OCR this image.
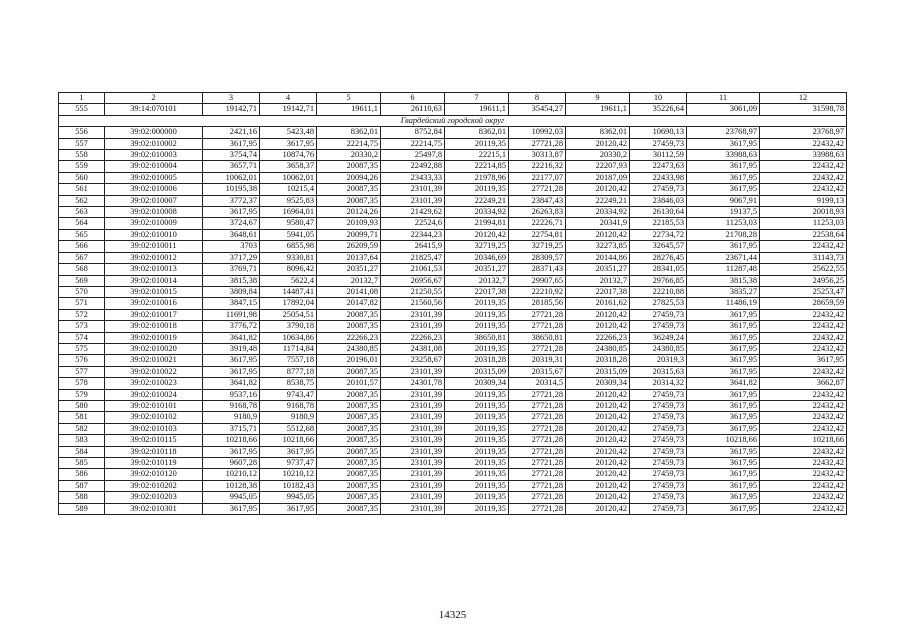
1	2	3	4	5	6	7	8	9	10	11	12
555	39:14:070101	19142,71	19142,71	19611,1	26110,63	19611,1	35454,27	19611,1	35226,64	3061,09	31598,78
Гвардейский городской округ											
556	39:02:000000	2421,16	5423,48	8362,01	8752,84	8362,01	10992,03	8362,01	10690,13	23768,97	23768,97
557	39:02:010002	3617,95	3617,95	22214,75	22214,75	20119,35	27721,28	20120,42	27459,73	3617,95	22432,42
558	39:02:010003	3754,74	10874,76	20330,2	25497,8	22215,1	30313,87	20330,2	30112,59	33988,63	33988,63
559	39:02:010004	3657,71	3658,37	20087,35	22492,88	22214,85	22216,32	22207,93	22473,63	3617,95	22432,42
560	39:02:010005	10062,01	10062,01	20094,26	23433,33	21978,96	22177,07	20187,09	22433,98	3617,95	22432,42
561	39:02:010006	10195,38	10215,4	20087,35	23101,39	20119,35	27721,28	20120,42	27459,73	3617,95	22432,42
562	39:02:010007	3772,37	9525,83	20087,35	23101,39	22249,21	23847,43	22249,21	23846,03	9067,91	9199,13
563	39:02:010008	3617,95	16964,01	20124,26	21429,62	20334,92	26263,83	20334,92	26130,64	19137,5	20018,93
564	39:02:010009	3724,67	9580,47	20109,93	22524,6	21994,81	22226,71	20341,9	22185,53	11253,03	11253,03
565	39:02:010010	3648,61	5941,05	20099,71	22344,23	20120,42	22754,81	20120,42	22734,72	21708,28	22538,64
566	39:02:010011	3703	6855,98	26209,59	26415,9	32719,25	32719,25	32273,85	32645,57	3617,95	22432,42
567	39:02:010012	3717,29	9330,81	20137,64	21825,47	20346,69	28309,57	20144,86	28276,45	23671,44	31143,73
568	39:02:010013	3769,71	8096,42	20351,27	21061,53	20351,27	28371,43	20351,27	28341,05	11287,48	25622,55
569	39:02:010014	3815,38	5622,4	20132,7	26956,67	20132,7	29907,65	20132,7	29766,85	3815,38	24956,25
570	39:02:010015	3809,84	14487,41	20141,08	21250,55	22017,38	22210,92	22017,38	22210,88	3835,27	25253,47
571	39:02:010016	3847,15	17892,04	20147,82	21560,56	20119,35	28185,56	20161,62	27825,53	11486,19	28659,59
572	39:02:010017	11691,98	25054,51	20087,35	23101,39	20119,35	27721,28	20120,42	27459,73	3617,95	22432,42
573	39:02:010018	3776,72	3790,18	20087,35	23101,39	20119,35	27721,28	20120,42	27459,73	3617,95	22432,42
574	39:02:010019	3641,82	10634,86	22266,23	22266,23	38650,81	38650,81	22266,23	36249,24	3617,95	22432,42
575	39:02:010020	3919,48	11714,84	24380,85	24381,08	20119,35	27721,28	24380,85	24380,85	3617,95	22432,42
576	39:02:010021	3617,95	7557,18	20196,01	23258,67	20318,28	20319,31	20318,28	20319,3	3617,95	3617,95
577	39:02:010022	3617,95	8777,18	20087,35	23101,39	20315,09	20315,67	20315,09	20315,63	3617,95	22432,42
578	39:02:010023	3641,82	8538,75	20101,57	24301,78	20309,34	20314,5	20309,34	20314,32	3641,82	3662,87
579	39:02:010024	9537,16	9743,47	20087,35	23101,39	20119,35	27721,28	20120,42	27459,73	3617,95	22432,42
580	39:02:010101	9168,78	9168,78	20087,35	23101,39	20119,35	27721,28	20120,42	27459,73	3617,95	22432,42
581	39:02:010102	9180,9	9180,9	20087,35	23101,39	20119,35	27721,28	20120,42	27459,73	3617,95	22432,42
582	39:02:010103	3715,71	5512,68	20087,35	23101,39	20119,35	27721,28	20120,42	27459,73	3617,95	22432,42
583	39:02:010115	10218,66	10218,66	20087,35	23101,39	20119,35	27721,28	20120,42	27459,73	10218,66	10218,66
584	39:02:010118	3617,95	3617,95	20087,35	23101,39	20119,35	27721,28	20120,42	27459,73	3617,95	22432,42
585	39:02:010119	9607,28	9737,47	20087,35	23101,39	20119,35	27721,28	20120,42	27459,73	3617,95	22432,42
586	39:02:010120	10210,12	10210,12	20087,35	23101,39	20119,35	27721,28	20120,42	27459,73	3617,95	22432,42
587	39:02:010202	10128,38	10182,43	20087,35	23101,39	20119,35	27721,28	20120,42	27459,73	3617,95	22432,42
588	39:02:010203	9945,05	9945,05	20087,35	23101,39	20119,35	27721,28	20120,42	27459,73	3617,95	22432,42
589	39:02:010301	3617,95	3617,95	20087,35	23101,39	20119,35	27721,28	20120,42	27459,73	3617,95	22432,42
14325
